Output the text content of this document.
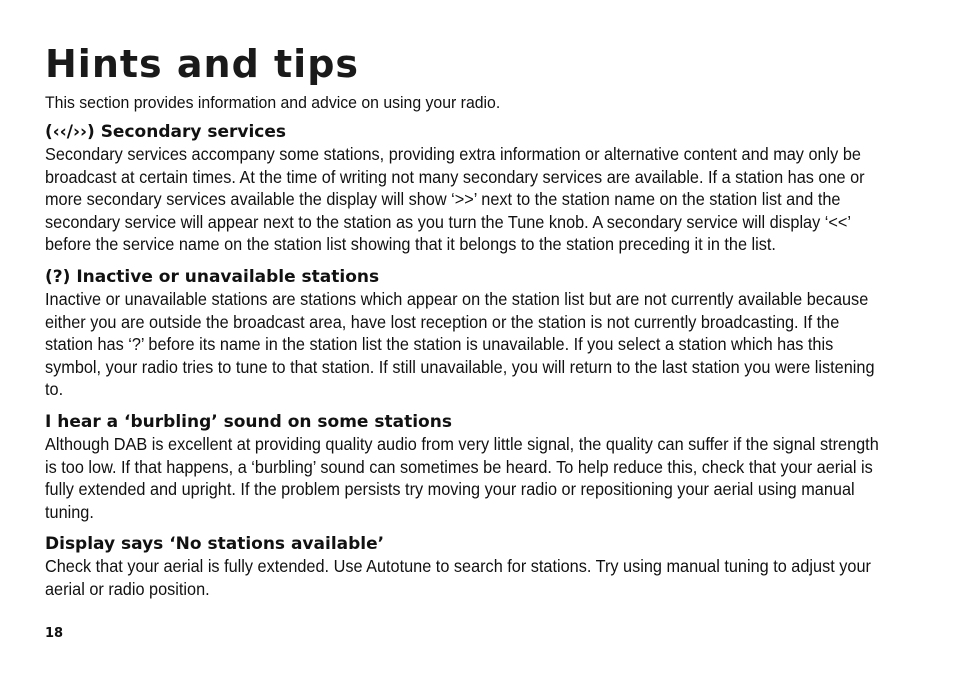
Hints and tips

This section provides information and advice on using your radio.

(‹‹/››) Secondary services

Secondary services accompany some stations, providing extra information or alternative content and may only be broadcast at certain times. At the time of writing not many secondary services are available. If a station has one or more secondary services available the display will show ‘>>’ next to the station name on the station list and the secondary service will appear next to the station as you turn the Tune knob. A secondary service will display ‘<<’ before the service name on the station list showing that it belongs to the station preceding it in the list.

(?) Inactive or unavailable stations

Inactive or unavailable stations are stations which appear on the station list but are not currently available because either you are outside the broadcast area, have lost reception or the station is not currently broadcasting. If the station has ‘?’ before its name in the station list the station is unavailable. If you select a station which has this symbol, your radio tries to tune to that station. If still unavailable, you will return to the last station you were listening to.

I hear a ‘burbling’ sound on some stations

Although DAB is excellent at providing quality audio from very little signal, the quality can suffer if the signal strength is too low. If that happens, a ‘burbling’ sound can sometimes be heard. To help reduce this, check that your aerial is fully extended and upright. If the problem persists try moving your radio or repositioning your aerial using manual tuning.

Display says ‘No stations available’

Check that your aerial is fully extended. Use Autotune to search for stations. Try using manual tuning to adjust your aerial or radio position.

18
